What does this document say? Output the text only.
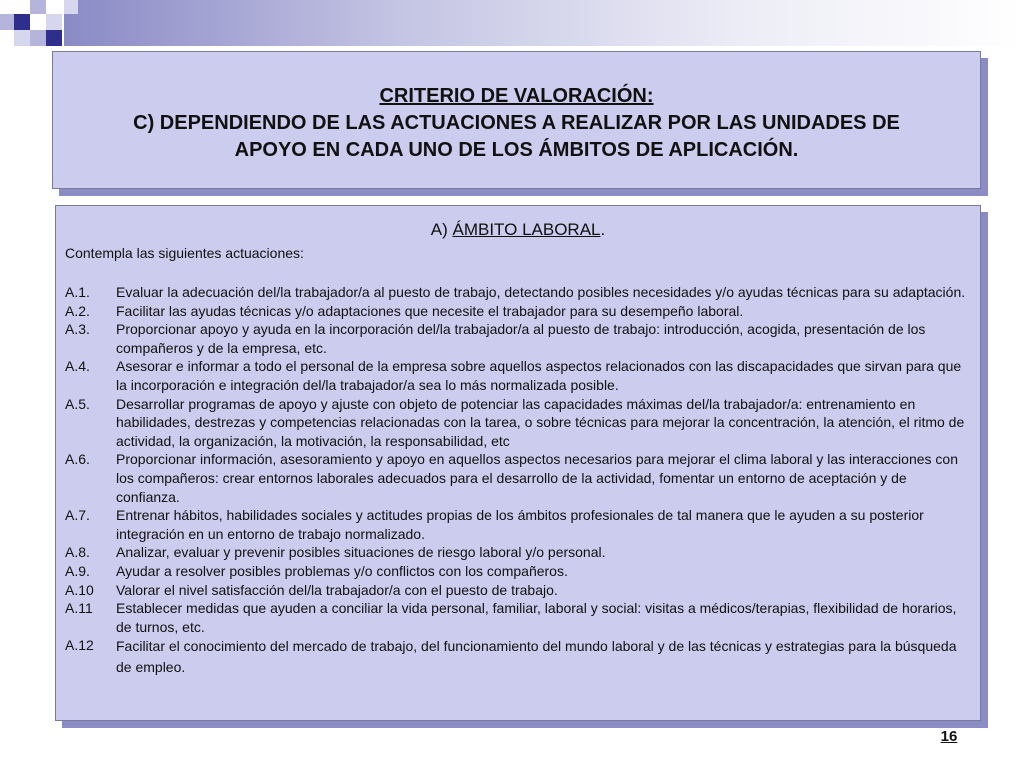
CRITERIO DE VALORACIÓN:
C) DEPENDIENDO DE LAS ACTUACIONES A REALIZAR POR LAS UNIDADES DE
APOYO EN CADA UNO DE LOS ÁMBITOS DE APLICACIÓN.
A) ÁMBITO LABORAL.
Contempla las siguientes actuaciones:
A.1.	Evaluar la adecuación del/la trabajador/a al puesto de trabajo, detectando posibles necesidades y/o ayudas técnicas para su adaptación.
A.2.	Facilitar las ayudas técnicas y/o adaptaciones que necesite el trabajador para su desempeño laboral.
A.3.	Proporcionar apoyo y ayuda en la incorporación del/la trabajador/a al puesto de trabajo: introducción, acogida, presentación de los compañeros y de la empresa, etc.
A.4.	Asesorar e informar a todo el personal de la empresa sobre aquellos aspectos relacionados con las discapacidades que sirvan para que la incorporación e integración del/la trabajador/a sea lo más normalizada posible.
A.5.	Desarrollar programas de apoyo y ajuste con objeto de potenciar las capacidades máximas del/la trabajador/a: entrenamiento en habilidades, destrezas y competencias relacionadas con la tarea, o sobre técnicas para mejorar la concentración, la atención, el ritmo de actividad, la organización, la motivación, la responsabilidad, etc
A.6.	Proporcionar información, asesoramiento y apoyo en aquellos aspectos necesarios para mejorar el clima laboral y las interacciones con los compañeros: crear entornos laborales adecuados para el desarrollo de la actividad, fomentar un entorno de aceptación y de confianza.
A.7.	Entrenar hábitos, habilidades sociales y actitudes propias de los ámbitos profesionales de tal manera que le ayuden a su posterior integración en un entorno de trabajo normalizado.
A.8.	Analizar, evaluar y prevenir posibles situaciones de riesgo laboral y/o personal.
A.9.	Ayudar a resolver posibles problemas y/o conflictos con los compañeros.
A.10	Valorar el nivel satisfacción del/la trabajador/a con el puesto de trabajo.
A.11	Establecer medidas que ayuden a conciliar la vida personal, familiar, laboral y social: visitas a médicos/terapias, flexibilidad de horarios, de turnos, etc.
A.12	Facilitar el conocimiento del mercado de trabajo, del funcionamiento del mundo laboral y de las técnicas y estrategias para la búsqueda de empleo.
16
